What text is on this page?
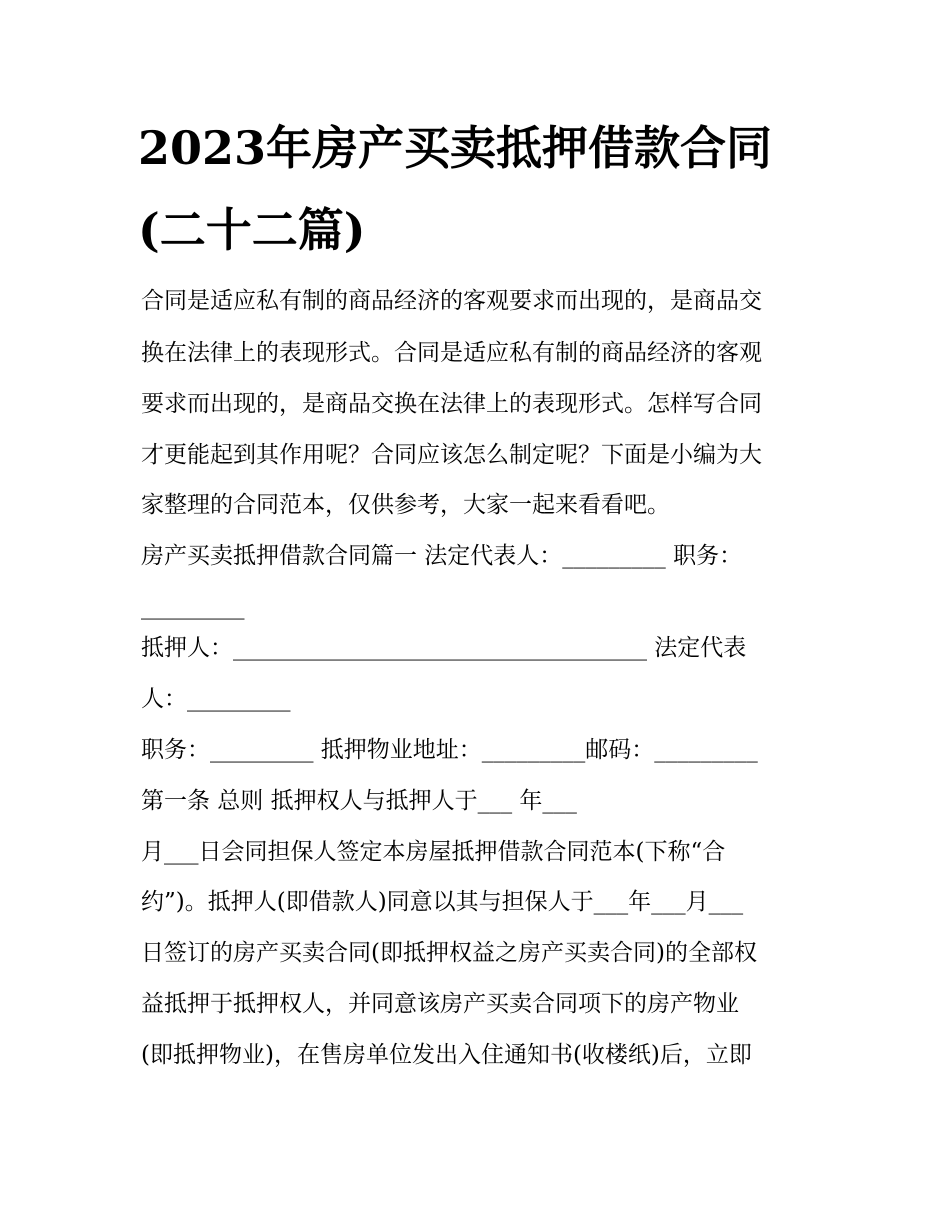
2023年房产买卖抵押借款合同
(二十二篇)

合同是适应私有制的商品经济的客观要求而出现的，是商品交

换在法律上的表现形式。合同是适应私有制的商品经济的客观

要求而出现的，是商品交换在法律上的表现形式。怎样写合同

才更能起到其作用呢？合同应该怎么制定呢？下面是小编为大

家整理的合同范本，仅供参考，大家一起来看看吧。

房产买卖抵押借款合同篇一 法定代表人：_________ 职务：

_________

抵押人：____________________________________ 法定代表

人：_________

职务：_________ 抵押物业地址：_________邮码：_________

第一条 总则 抵押权人与抵押人于___ 年___

月___日会同担保人签定本房屋抵押借款合同范本(下称“合

约”)。抵押人(即借款人)同意以其与担保人于___年___月___

日签订的房产买卖合同(即抵押权益之房产买卖合同)的全部权

益抵押于抵押权人，并同意该房产买卖合同项下的房产物业

(即抵押物业)，在售房单位发出入住通知书(收楼纸)后，立即
